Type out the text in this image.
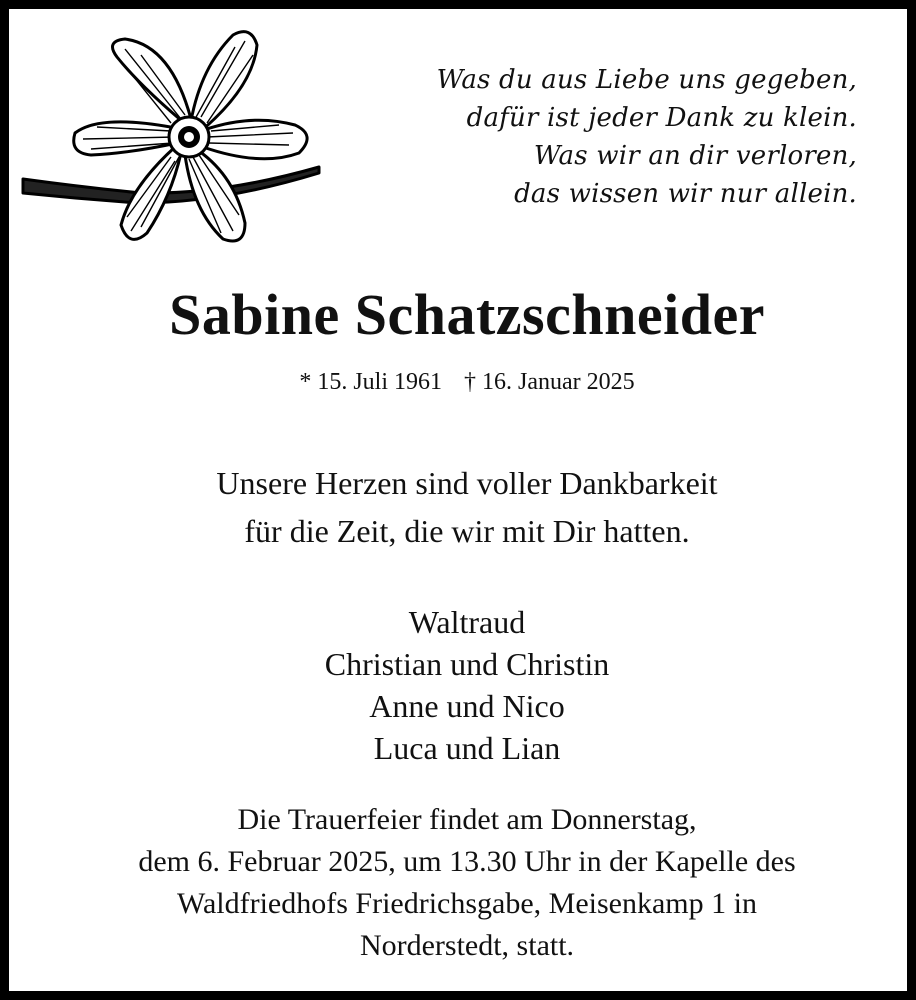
Was du aus Liebe uns gegeben,
dafür ist jeder Dank zu klein.
Was wir an dir verloren,
das wissen wir nur allein.
Sabine Schatzschneider
* 15. Juli 1961 † 16. Januar 2025
Unsere Herzen sind voller Dankbarkeit
für die Zeit, die wir mit Dir hatten.
Waltraud
Christian und Christin
Anne und Nico
Luca und Lian
Die Trauerfeier findet am Donnerstag,
dem 6. Februar 2025, um 13.30 Uhr in der Kapelle des
Waldfriedhofs Friedrichsgabe, Meisenkamp 1 in
Norderstedt, statt.
